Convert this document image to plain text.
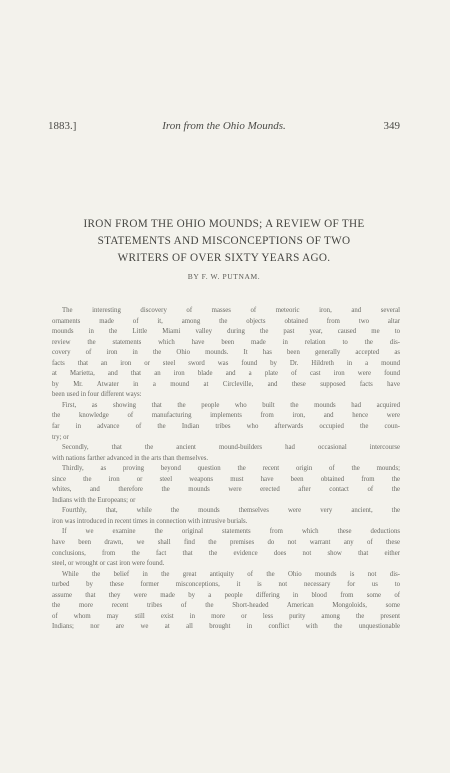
1883.]	Iron from the Ohio Mounds.	349
IRON FROM THE OHIO MOUNDS; A REVIEW OF THE
STATEMENTS AND MISCONCEPTIONS OF TWO
WRITERS OF OVER SIXTY YEARS AGO.
BY F. W. PUTNAM.
The interesting discovery of masses of meteoric iron, and several
ornaments made of it, among the objects obtained from two altar
mounds in the Little Miami valley during the past year, caused me to
review the statements which have been made in relation to the dis-
covery of iron in the Ohio mounds. It has been generally accepted as
facts that an iron or steel sword was found by Dr. Hildreth in a mound
at Marietta, and that an iron blade and a plate of cast iron were found
by Mr. Atwater in a mound at Circleville, and these supposed facts have
been used in four different ways:
First, as showing that the people who built the mounds had acquired
the knowledge of manufacturing implements from iron, and hence were
far in advance of the Indian tribes who afterwards occupied the coun-
try; or
Secondly, that the ancient mound-builders had occasional intercourse
with nations farther advanced in the arts than themselves.
Thirdly, as proving beyond question the recent origin of the mounds;
since the iron or steel weapons must have been obtained from the
whites, and therefore the mounds were erected after contact of the
Indians with the Europeans; or
Fourthly, that, while the mounds themselves were very ancient, the
iron was introduced in recent times in connection with intrusive burials.
If we examine the original statements from which these deductions
have been drawn, we shall find the premises do not warrant any of these
conclusions, from the fact that the evidence does not show that either
steel, or wrought or cast iron were found.
While the belief in the great antiquity of the Ohio mounds is not dis-
turbed by these former misconceptions, it is not necessary for us to
assume that they were made by a people differing in blood from some of
the more recent tribes of the Short-headed American Mongoloids, some
of whom may still exist in more or less purity among the present
Indians; nor are we at all brought in conflict with the unquestionable
